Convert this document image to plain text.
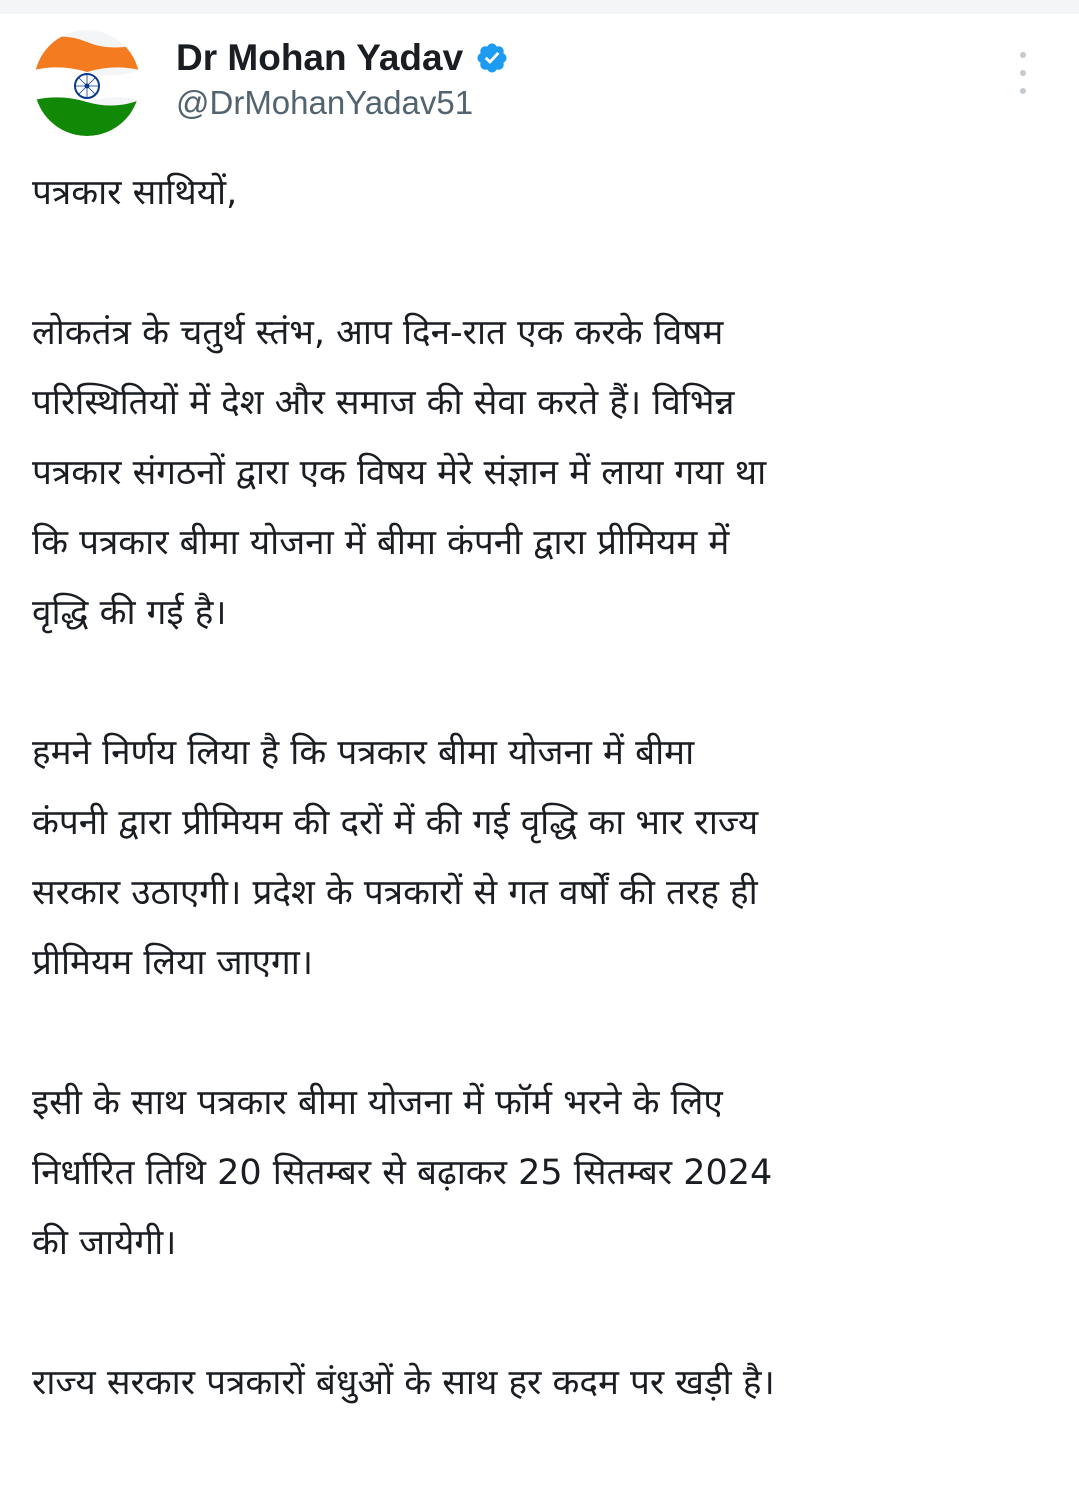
Dr Mohan Yadav
@DrMohanYadav51

पत्रकार साथियों,

लोकतंत्र के चतुर्थ स्तंभ, आप दिन-रात एक करके विषम
परिस्थितियों में देश और समाज की सेवा करते हैं। विभिन्न
पत्रकार संगठनों द्वारा एक विषय मेरे संज्ञान में लाया गया था
कि पत्रकार बीमा योजना में बीमा कंपनी द्वारा प्रीमियम में
वृद्धि की गई है।

हमने निर्णय लिया है कि पत्रकार बीमा योजना में बीमा
कंपनी द्वारा प्रीमियम की दरों में की गई वृद्धि का भार राज्य
सरकार उठाएगी। प्रदेश के पत्रकारों से गत वर्षों की तरह ही
प्रीमियम लिया जाएगा।

इसी के साथ पत्रकार बीमा योजना में फॉर्म भरने के लिए
निर्धारित तिथि 20 सितम्बर से बढ़ाकर 25 सितम्बर 2024
की जायेगी।

राज्य सरकार पत्रकारों बंधुओं के साथ हर कदम पर खड़ी है।
